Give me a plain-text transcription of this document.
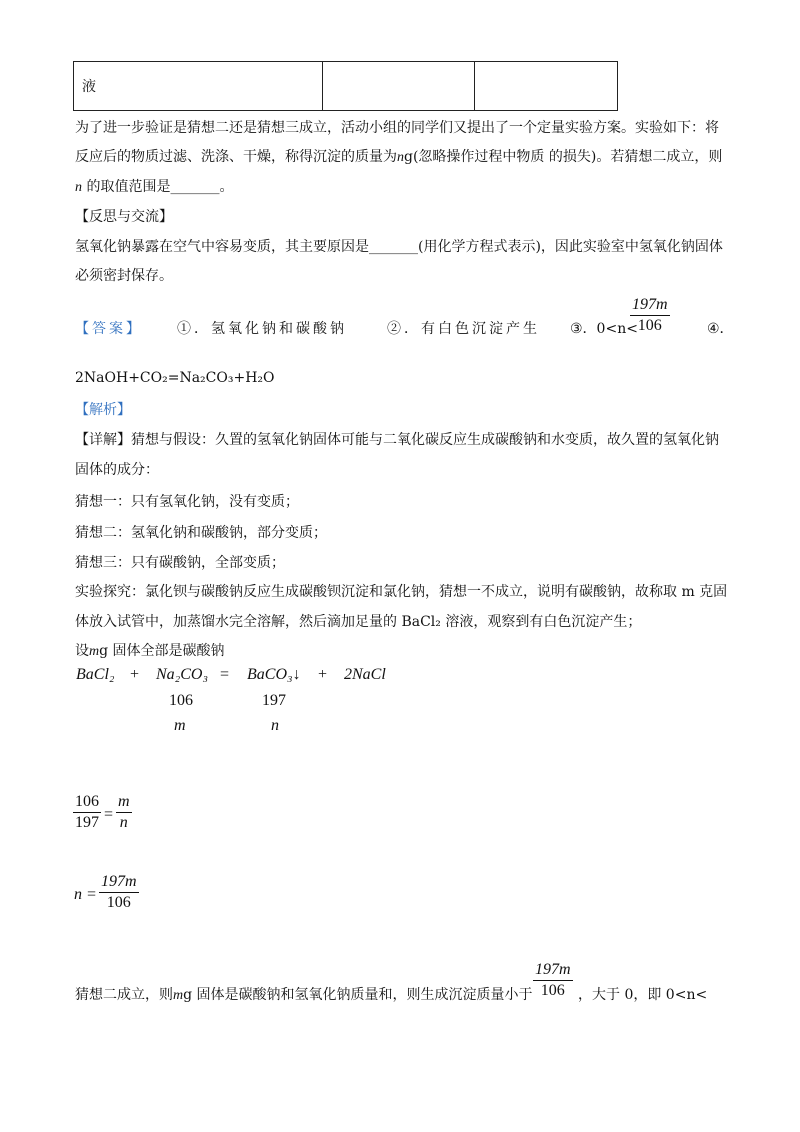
液		
为了进一步验证是猜想二还是猜想三成立，活动小组的同学们又提出了一个定量实验方案。实验如下：将
反应后的物质过滤、洗涤、干燥，称得沉淀的质量为ng(忽略操作过程中物质 的损失)。若猜想二成立，则
n 的取值范围是_______。
【反思与交流】
氢氧化钠暴露在空气中容易变质，其主要原因是_______(用化学方程式表示)，因此实验室中氢氧化钠固体
必须密封保存。
【答案】 ①．氢氧化钠和碳酸钠	②．有白色沉淀产生 ③．0<n<
$\frac{197m}{106}$	④．
2NaOH+CO₂=Na₂CO₃+H₂O
【解析】
【详解】猜想与假设：久置的氢氧化钠固体可能与二氧化碳反应生成碳酸钠和水变质，故久置的氢氧化钠
固体的成分：
猜想一：只有氢氧化钠，没有变质；
猜想二：氢氧化钠和碳酸钠，部分变质；
猜想三：只有碳酸钠，全部变质；
实验探究：氯化钡与碳酸钠反应生成碳酸钡沉淀和氯化钠，猜想一不成立，说明有碳酸钠，故称取 m 克固
体放入试管中，加蒸馏水完全溶解，然后滴加足量的 BaCl₂ 溶液，观察到有白色沉淀产生；
设mg 固体全部是碳酸钠
BaCl₂ + Na₂CO₃ = BaCO₃↓ + 2NaCl
106	197
m	n
$\frac{106}{197} = \frac{m}{n}$
$n = \frac{197m}{106}$
猜想二成立，则mg 固体是碳酸钠和氢氧化钠质量和，则生成沉淀质量小于 $\frac{197m}{106}$ ，大于 0，即 0<n<
